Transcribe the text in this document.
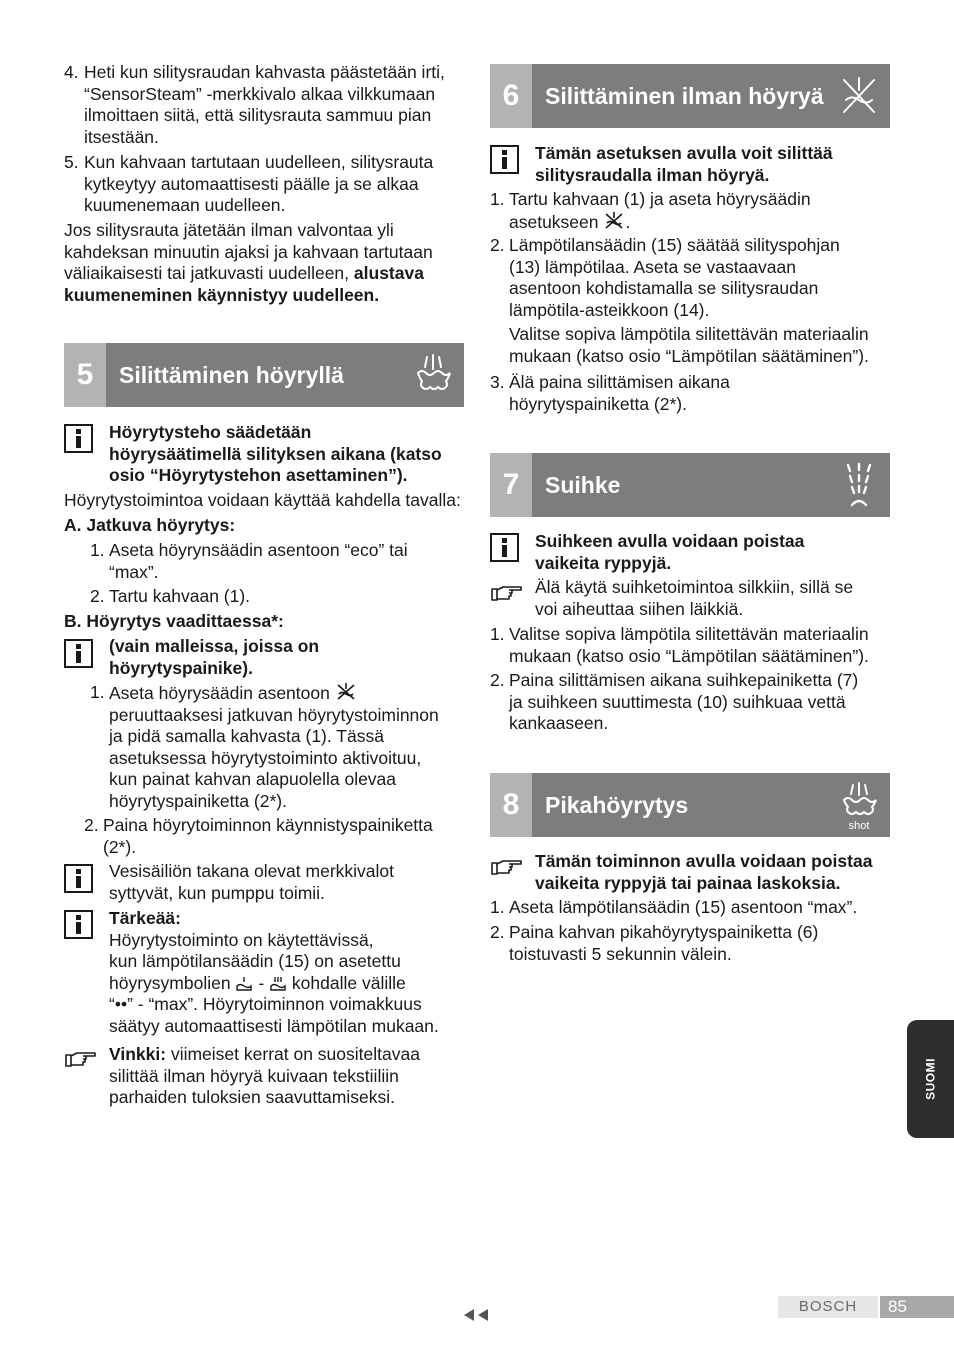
4. Heti kun silitysraudan kahvasta päästetään irti,
“SensorSteam” -merkkivalo alkaa vilkkumaan
ilmoittaen siitä, että silitysrauta sammuu pian
itsestään.
5. Kun kahvaan tartutaan uudelleen, silitysrauta
kytkeytyy automaattisesti päälle ja se alkaa
kuumenemaan uudelleen.
Jos silitysrauta jätetään ilman valvontaa yli
kahdeksan minuutin ajaksi ja kahvaan tartutaan
väliaikaisesti tai jatkuvasti uudelleen, alustava
kuumeneminen käynnistyy uudelleen.
5	Silittäminen höyryllä
Höyrytysteho säädetään
höyrysäätimellä silityksen aikana (katso
osio “Höyrytystehon asettaminen”).
Höyrytystoimintoa voidaan käyttää kahdella tavalla:
A. Jatkuva höyrytys:
1. Aseta höyrynsäädin asentoon “eco” tai
“max”.
2. Tartu kahvaan (1).
B. Höyrytys vaadittaessa*:
(vain malleissa, joissa on
höyrytyspainike).
1. Aseta höyrysäädin asentoon
peruuttaaksesi jatkuvan höyrytystoiminnon
ja pidä samalla kahvasta (1). Tässä
asetuksessa höyrytystoiminto aktivoituu,
kun painat kahvan alapuolella olevaa
höyrytyspainiketta (2*).
2. Paina höyrytoiminnon käynnistyspainiketta
(2*).
Vesisäiliön takana olevat merkkivalot
syttyvät, kun pumppu toimii.
Tärkeää:
Höyrytystoiminto on käytettävissä,
kun lämpötilansäädin (15) on asetettu
höyrysymbolien - kohdalle välille
“••” - “max”. Höyrytoiminnon voimakkuus
säätyy automaattisesti lämpötilan mukaan.
Vinkki: viimeiset kerrat on suositeltavaa
silittää ilman höyryä kuivaan tekstiiliin
parhaiden tuloksien saavuttamiseksi.
6	Silittäminen ilman höyryä
Tämän asetuksen avulla voit silittää
silitysraudalla ilman höyryä.
1. Tartu kahvaan (1) ja aseta höyrysäädin
asetukseen .
2. Lämpötilansäädin (15) säätää silityspohjan
(13) lämpötilaa. Aseta se vastaavaan
asentoon kohdistamalla se silitysraudan
lämpötila-asteikkoon (14).
Valitse sopiva lämpötila silitettävän materiaalin
mukaan (katso osio “Lämpötilan säätäminen”).
3. Älä paina silittämisen aikana
höyrytyspainiketta (2*).
7	Suihke
Suihkeen avulla voidaan poistaa
vaikeita ryppyjä.
Älä käytä suihketoimintoa silkkiin, sillä se
voi aiheuttaa siihen läikkiä.
1. Valitse sopiva lämpötila silitettävän materiaalin
mukaan (katso osio “Lämpötilan säätäminen”).
2. Paina silittämisen aikana suihkepainiketta (7)
ja suihkeen suuttimesta (10) suihkuaa vettä
kankaaseen.
8	Pikahöyrytys
shot
Tämän toiminnon avulla voidaan poistaa
vaikeita ryppyjä tai painaa laskoksia.
1. Aseta lämpötilansäädin (15) asentoon “max”.
2. Paina kahvan pikahöyrytyspainiketta (6)
toistuvasti 5 sekunnin välein.
SUOMI
BOSCH	85
